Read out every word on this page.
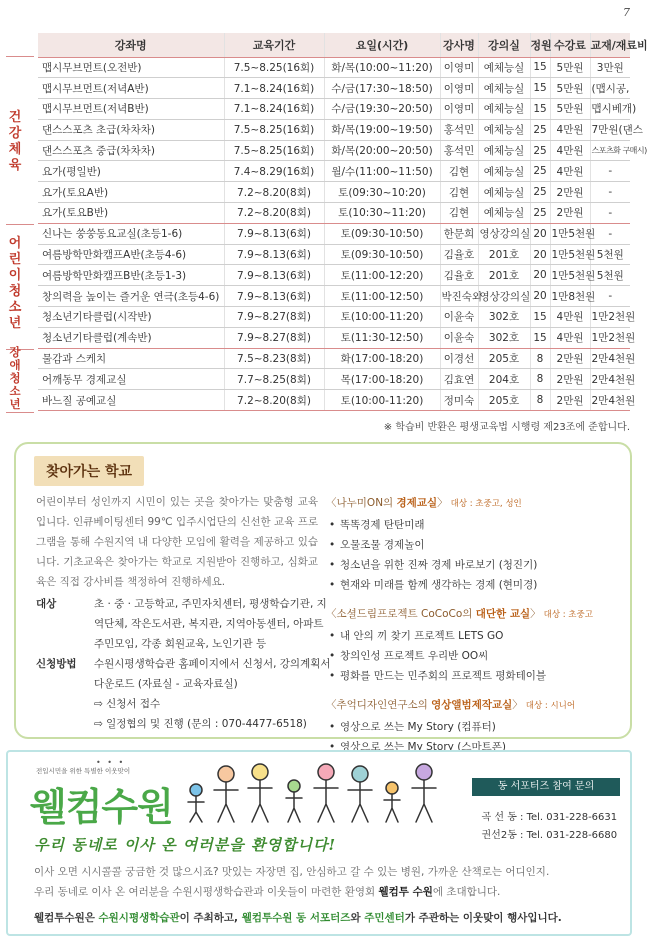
7
건
강
체
육
어
린
이
청
소
년
장
애
청
소
년
강좌명	교육기간	요일(시간)	강사명	강의실	정원	수강료	교재/재료비
맵시무브먼트(오전반)	7.5~8.25(16회)	화/목(10:00~11:20)	이영미	예체능실	15	5만원	3만원
맵시무브먼트(저녁A반)	7.1~8.24(16회)	수/금(17:30~18:50)	이영미	예체능실	15	5만원	(맵시공,
맵시무브먼트(저녁B반)	7.1~8.24(16회)	수/금(19:30~20:50)	이영미	예체능실	15	5만원	맵시베개)
댄스스포츠 초급(차차차)	7.5~8.25(16회)	화/목(19:00~19:50)	홍석민	예체능실	25	4만원	7만원(댄스
댄스스포츠 중급(차차차)	7.5~8.25(16회)	화/목(20:00~20:50)	홍석민	예체능실	25	4만원	스포츠화 구매시)
요가(평일반)	7.4~8.29(16회)	월/수(11:00~11:50)	김현	예체능실	25	4만원	-
요가(토요A반)	7.2~8.20(8회)	토(09:30~10:20)	김현	예체능실	25	2만원	-
요가(토요B반)	7.2~8.20(8회)	토(10:30~11:20)	김현	예체능실	25	2만원	-
신나는 쑹쑹동요교실(초등1-6)	7.9~8.13(6회)	토(09:30-10:50)	한문희	영상강의실	20	1만5천원	-
여름방학만화캠프A반(초등4-6)	7.9~8.13(6회)	토(09:30-10:50)	김율호	201호	20	1만5천원	5천원
여름방학만화캠프B반(초등1-3)	7.9~8.13(6회)	토(11:00-12:20)	김율호	201호	20	1만5천원	5천원
창의력을 높이는 즐거운 연극(초등4-6)	7.9~8.13(6회)	토(11:00-12:50)	박진숙외	영상강의실	20	1만8천원	-
청소년기타클럽(시작반)	7.9~8.27(8회)	토(10:00-11:20)	이윤숙	302호	15	4만원	1만2천원
청소년기타클럽(계속반)	7.9~8.27(8회)	토(11:30-12:50)	이윤숙	302호	15	4만원	1만2천원
물감과 스케치	7.5~8.23(8회)	화(17:00-18:20)	이경선	205호	8	2만원	2만4천원
어깨동무 경제교실	7.7~8.25(8회)	목(17:00-18:20)	김효연	204호	8	2만원	2만4천원
바느질 공예교실	7.2~8.20(8회)	토(10:00-11:20)	정미숙	205호	8	2만원	2만4천원
※ 학습비 반환은 평생교육법 시행령 제23조에 준합니다.
찾아가는 학교
어린이부터 성인까지 시민이 있는 곳을 찾아가는 맞춤형 교육입니다. 인큐베이팅센터 99℃ 입주시업단의 신선한 교육 프로그램을 통해 수원지역 내 다양한 모임에 활력을 제공하고 있습니다. 기초교육은 찾아가는 학교로 지원받아 진행하고, 심화교육은 직접 강사비를 책정하여 진행하세요.
대상	초 · 중 · 고등학교, 주민자치센터, 평생학습기관, 지역단체, 작은도서관, 복지관, 지역아동센터, 아파트 주민모임, 각종 회원교육, 노인기관 등
신청방법	수원시평생학습관 홈페이지에서 신청서, 강의계획서 다운로드 (자료실 - 교육자료실)
⇨ 신청서 접수
⇨ 일정협의 및 진행 (문의 : 070-4477-6518)
〈나누미ON의 경제교실〉 대상 : 초중고, 성인
• 똑똑경제 탄탄미래
• 오물조물 경제놀이
• 청소년을 위한 진짜 경제 바로보기 (청진기)
• 현재와 미래를 함께 생각하는 경제 (현미경)
〈소셜드림프로젝트 CoCoCo의 대단한 교실〉 대상 : 초중고
• 내 안의 끼 찾기 프로젝트 LETS GO
• 창의인성 프로젝트 우리반 OO씨
• 평화를 만드는 민주회의 프로젝트 평화테이블
〈추억디자인연구소의 영상앨범제작교실〉 대상 : 시니어
• 영상으로 쓰는 My Story (컴퓨터)
• 영상으로 쓰는 My Story (스마트폰)
• • •
전입시민을 위한 특별한 이웃맞이
웰컴수원	동 서포터즈 참여 문의
곡 선 동 : Tel. 031-228-6631
권선2동 : Tel. 031-228-6680
우리 동네로 이사 온 여러분을 환영합니다!
이사 오면 시시콜콜 궁금한 것 많으시죠? 맛있는 자장면 집, 안심하고 갈 수 있는 병원, 가까운 산책로는 어디인지.
우리 동네로 이사 온 여러분을 수원시평생학습관과 이웃들이 마련한 환영회 웰컴투 수원에 초대합니다.
웰컴투수원은 수원시평생학습관이 주최하고, 웰컴투수원 동 서포터즈와 주민센터가 주관하는 이웃맞이 행사입니다.
